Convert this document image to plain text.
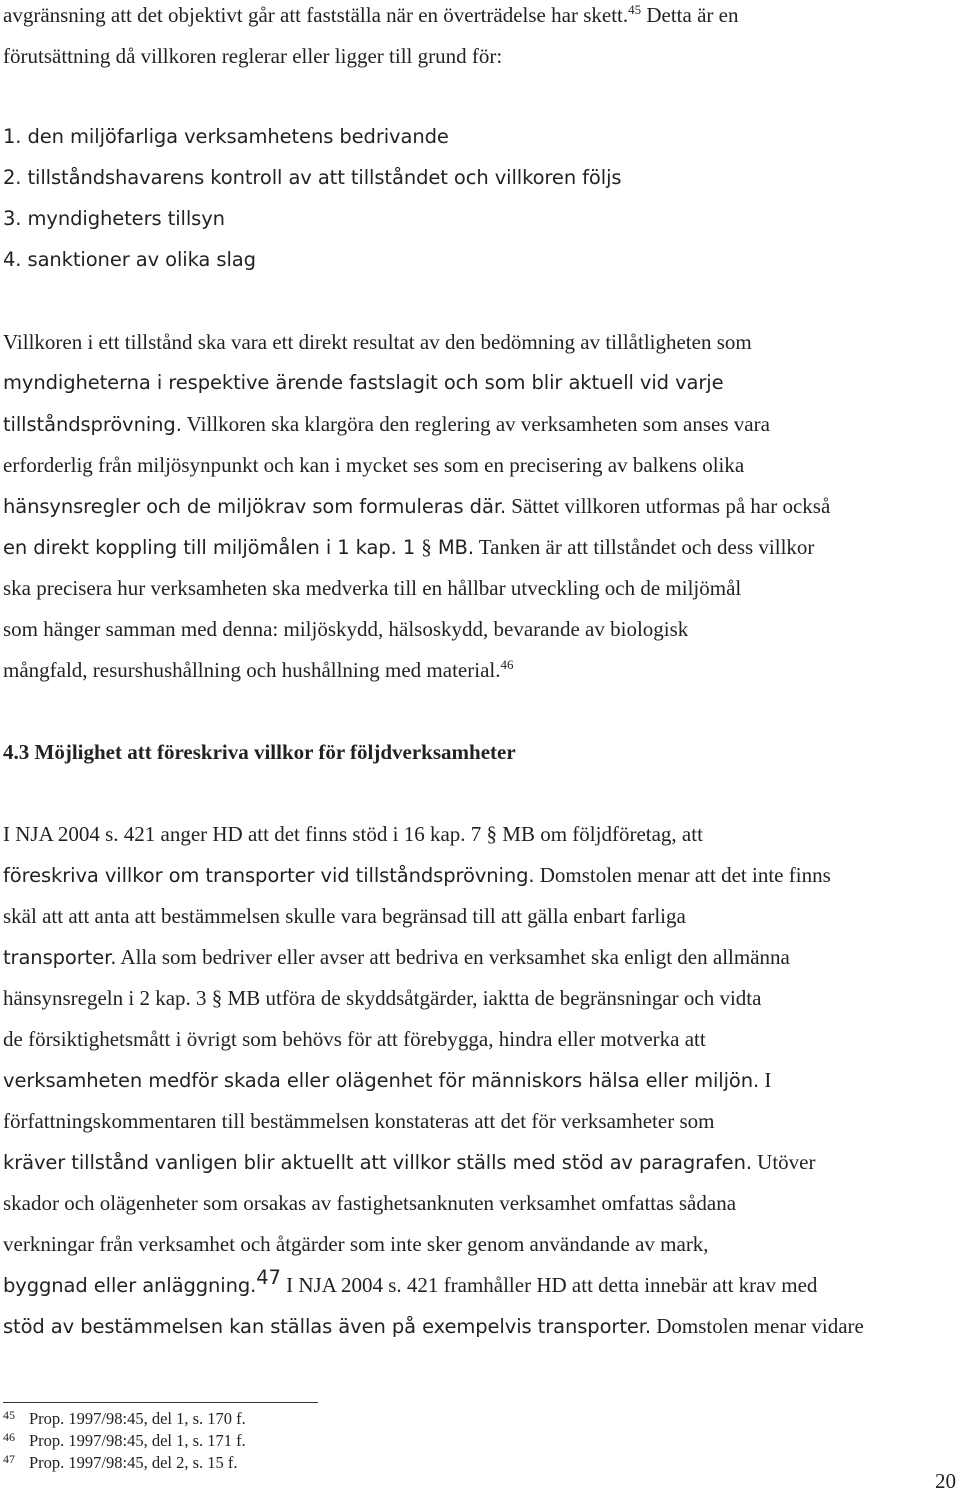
avgränsning att det objektivt går att fastställa när en överträdelse har skett.$^{45}$ Detta är en
förutsättning då villkoren reglerar eller ligger till grund för:
1. den miljöfarliga verksamhetens bedrivande
2. tillståndshavarens kontroll av att tillståndet och villkoren följs
3. myndigheters tillsyn
4. sanktioner av olika slag
Villkoren i ett tillstånd ska vara ett direkt resultat av den bedömning av tillåtligheten som
myndigheterna i respektive ärende fastslagit och som blir aktuell vid varje
tillståndsprövning. Villkoren ska klargöra den reglering av verksamheten som anses vara
erforderlig från miljösynpunkt och kan i mycket ses som en precisering av balkens olika
hänsynsregler och de miljökrav som formuleras där. Sättet villkoren utformas på har också
en direkt koppling till miljömålen i 1 kap. 1 § MB. Tanken är att tillståndet och dess villkor
ska precisera hur verksamheten ska medverka till en hållbar utveckling och de miljömål
som hänger samman med denna: miljöskydd, hälsoskydd, bevarande av biologisk
mångfald, resurshushållning och hushållning med material.$^{46}$
4.3 Möjlighet att föreskriva villkor för följdverksamheter
I NJA 2004 s. 421 anger HD att det finns stöd i 16 kap. 7 § MB om följdföretag, att
föreskriva villkor om transporter vid tillståndsprövning. Domstolen menar att det inte finns
skäl att att anta att bestämmelsen skulle vara begränsad till att gälla enbart farliga
transporter. Alla som bedriver eller avser att bedriva en verksamhet ska enligt den allmänna
hänsynsregeln i 2 kap. 3 § MB utföra de skyddsåtgärder, iaktta de begränsningar och vidta
de försiktighetsmått i övrigt som behövs för att förebygga, hindra eller motverka att
verksamheten medför skada eller olägenhet för människors hälsa eller miljön. I
författningskommentaren till bestämmelsen konstateras att det för verksamheter som
kräver tillstånd vanligen blir aktuellt att villkor ställs med stöd av paragrafen. Utöver
skador och olägenheter som orsakas av fastighetsanknuten verksamhet omfattas sådana
verkningar från verksamhet och åtgärder som inte sker genom användande av mark,
byggnad eller anläggning.$^{47}$ I NJA 2004 s. 421 framhåller HD att detta innebär att krav med
stöd av bestämmelsen kan ställas även på exempelvis transporter. Domstolen menar vidare
45 Prop. 1997/98:45, del 1, s. 170 f.
46 Prop. 1997/98:45, del 1, s. 171 f.
47 Prop. 1997/98:45, del 2, s. 15 f.
20
